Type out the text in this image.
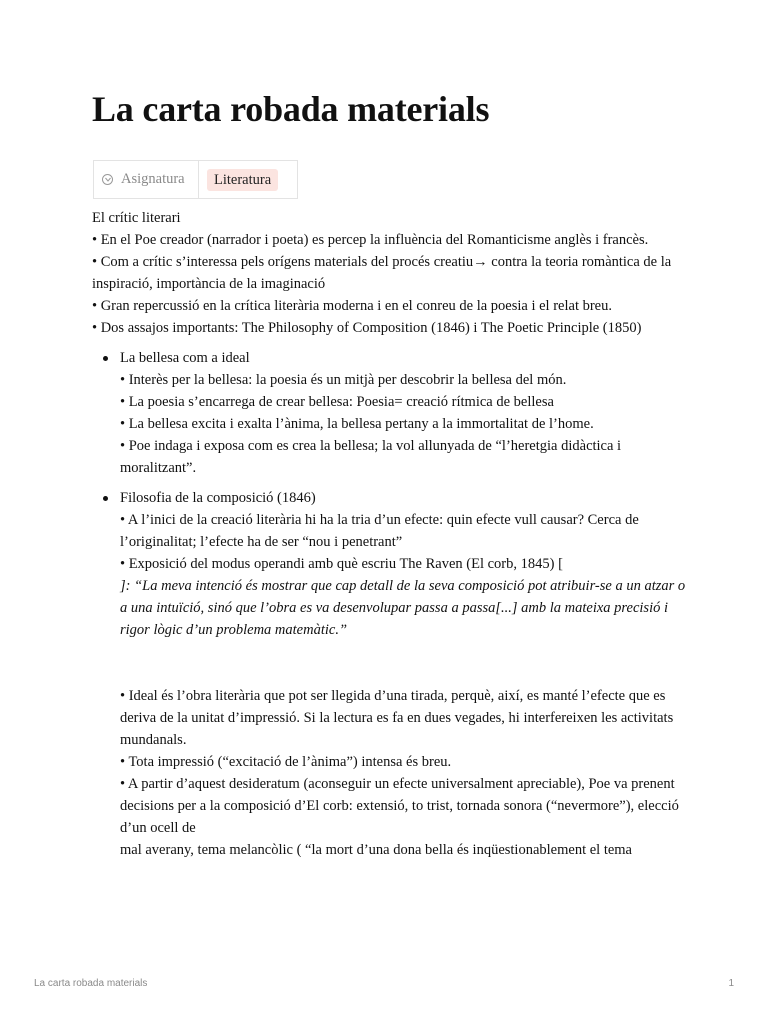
La carta robada materials
Asignatura	Literatura

El crític literari

• En el Poe creador (narrador i poeta) es percep la influència del Romanticisme anglès i francès.

• Com a crític s’interessa pels orígens materials del procés creatiu→ contra la teoria romàntica de la inspiració, importància de la imaginació

• Gran repercussió en la crítica literària moderna i en el conreu de la poesia i el relat breu.

• Dos assajos importants: The Philosophy of Composition (1846) i The Poetic Principle (1850)

La bellesa com a ideal

• Interès per la bellesa: la poesia és un mitjà per descobrir la bellesa del món.

• La poesia s’encarrega de crear bellesa: Poesia= creació rítmica de bellesa

• La bellesa excita i exalta l’ànima, la bellesa pertany a la immortalitat de l’home.

• Poe indaga i exposa com es crea la bellesa; la vol allunyada de “l’heretgia didàctica i moralitzant”.

Filosofia de la composició (1846)

• A l’inici de la creació literària hi ha la tria d’un efecte: quin efecte vull causar? Cerca de l’originalitat; l’efecte ha de ser “nou i penetrant”

• Exposició del modus operandi amb què escriu The Raven (El corb, 1845) [

]: “La meva intenció és mostrar que cap detall de la seva composició pot atribuir-se a un atzar o a una intuïció, sinó que l’obra es va desenvolupar passa a passa[...] amb la mateixa precisió i rigor lògic d’un problema matemàtic.”

• Ideal és l’obra literària que pot ser llegida d’una tirada, perquè, així, es manté l’efecte que es deriva de la unitat d’impressió. Si la lectura es fa en dues vegades, hi interfereixen les activitats mundanals.

• Tota impressió (“excitació de l’ànima”) intensa és breu.

• A partir d’aquest desideratum (aconseguir un efecte universalment apreciable), Poe va prenent decisions per a la composició d’El corb: extensió, to trist, tornada sonora (“nevermore”), elecció d’un ocell de

mal averany, tema melancòlic ( “la mort d’una dona bella és inqüestionablement el tema

La carta robada materials	1
